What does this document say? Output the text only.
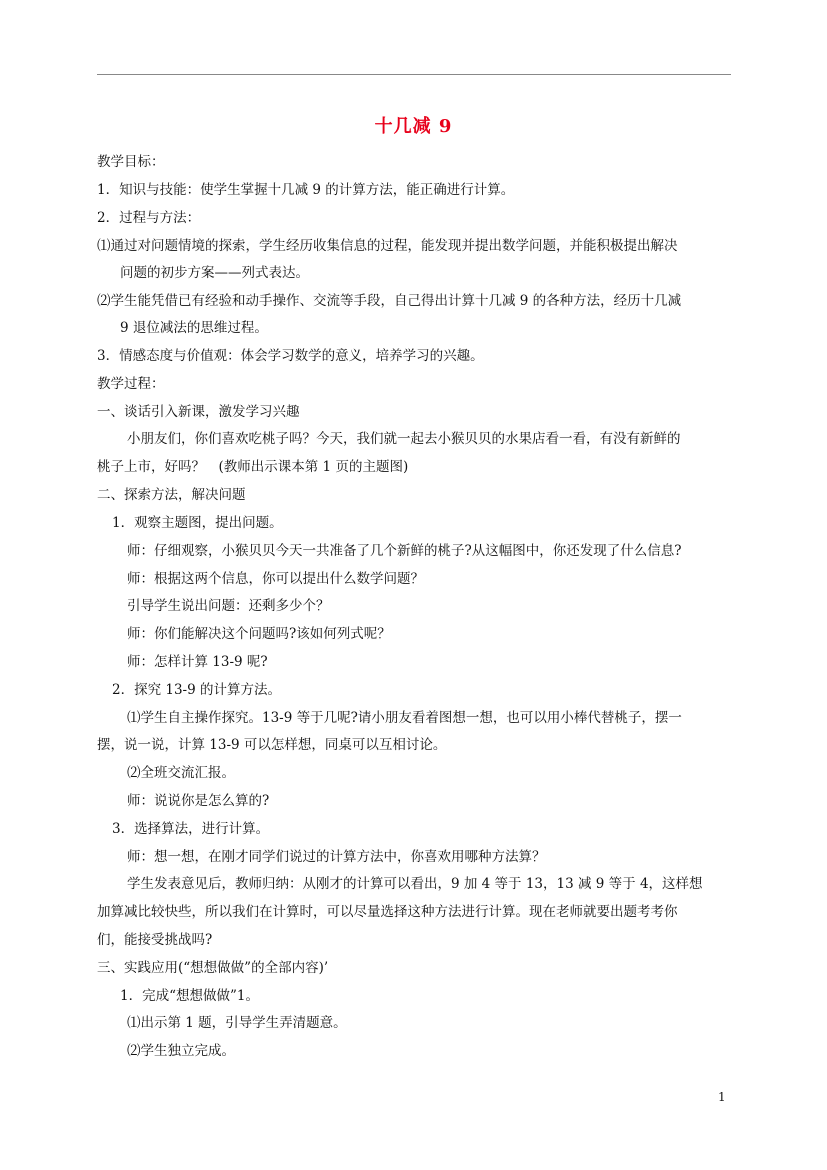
十几减 9
教学目标：
1．知识与技能：使学生掌握十几减 9 的计算方法，能正确进行计算。
2．过程与方法：
⑴通过对问题情境的探索，学生经历收集信息的过程，能发现并提出数学问题，并能积极提出解决
问题的初步方案——列式表达。
⑵学生能凭借已有经验和动手操作、交流等手段，自己得出计算十几减 9 的各种方法，经历十几减
9 退位减法的思维过程。
3．情感态度与价值观：体会学习数学的意义，培养学习的兴趣。
教学过程：
一、谈话引入新课，激发学习兴趣
小朋友们，你们喜欢吃桃子吗？今天，我们就一起去小猴贝贝的水果店看一看，有没有新鲜的
桃子上市，好吗？　(教师出示课本第 1 页的主题图)
二、探索方法，解决问题
1．观察主题图，提出问题。
师：仔细观察，小猴贝贝今天一共准备了几个新鲜的桃子?从这幅图中，你还发现了什么信息?
师：根据这两个信息，你可以提出什么数学问题？
引导学生说出问题：还剩多少个？
师：你们能解决这个问题吗?该如何列式呢？
师：怎样计算 13-9 呢?
2．探究 13-9 的计算方法。
⑴学生自主操作探究。13-9 等于几呢?请小朋友看着图想一想，也可以用小棒代替桃子，摆一
摆，说一说，计算 13-9 可以怎样想，同桌可以互相讨论。
⑵全班交流汇报。
师：说说你是怎么算的?
3．选择算法，进行计算。
师：想一想，在刚才同学们说过的计算方法中，你喜欢用哪种方法算？
学生发表意见后，教师归纳：从刚才的计算可以看出，9 加 4 等于 13，13 减 9 等于 4，这样想
加算减比较快些，所以我们在计算时，可以尽量选择这种方法进行计算。现在老师就要出题考考你
们，能接受挑战吗?
三、实践应用(“想想做做”的全部内容)’
1．完成“想想做做”1。
⑴出示第 1 题，引导学生弄清题意。
⑵学生独立完成。
1
